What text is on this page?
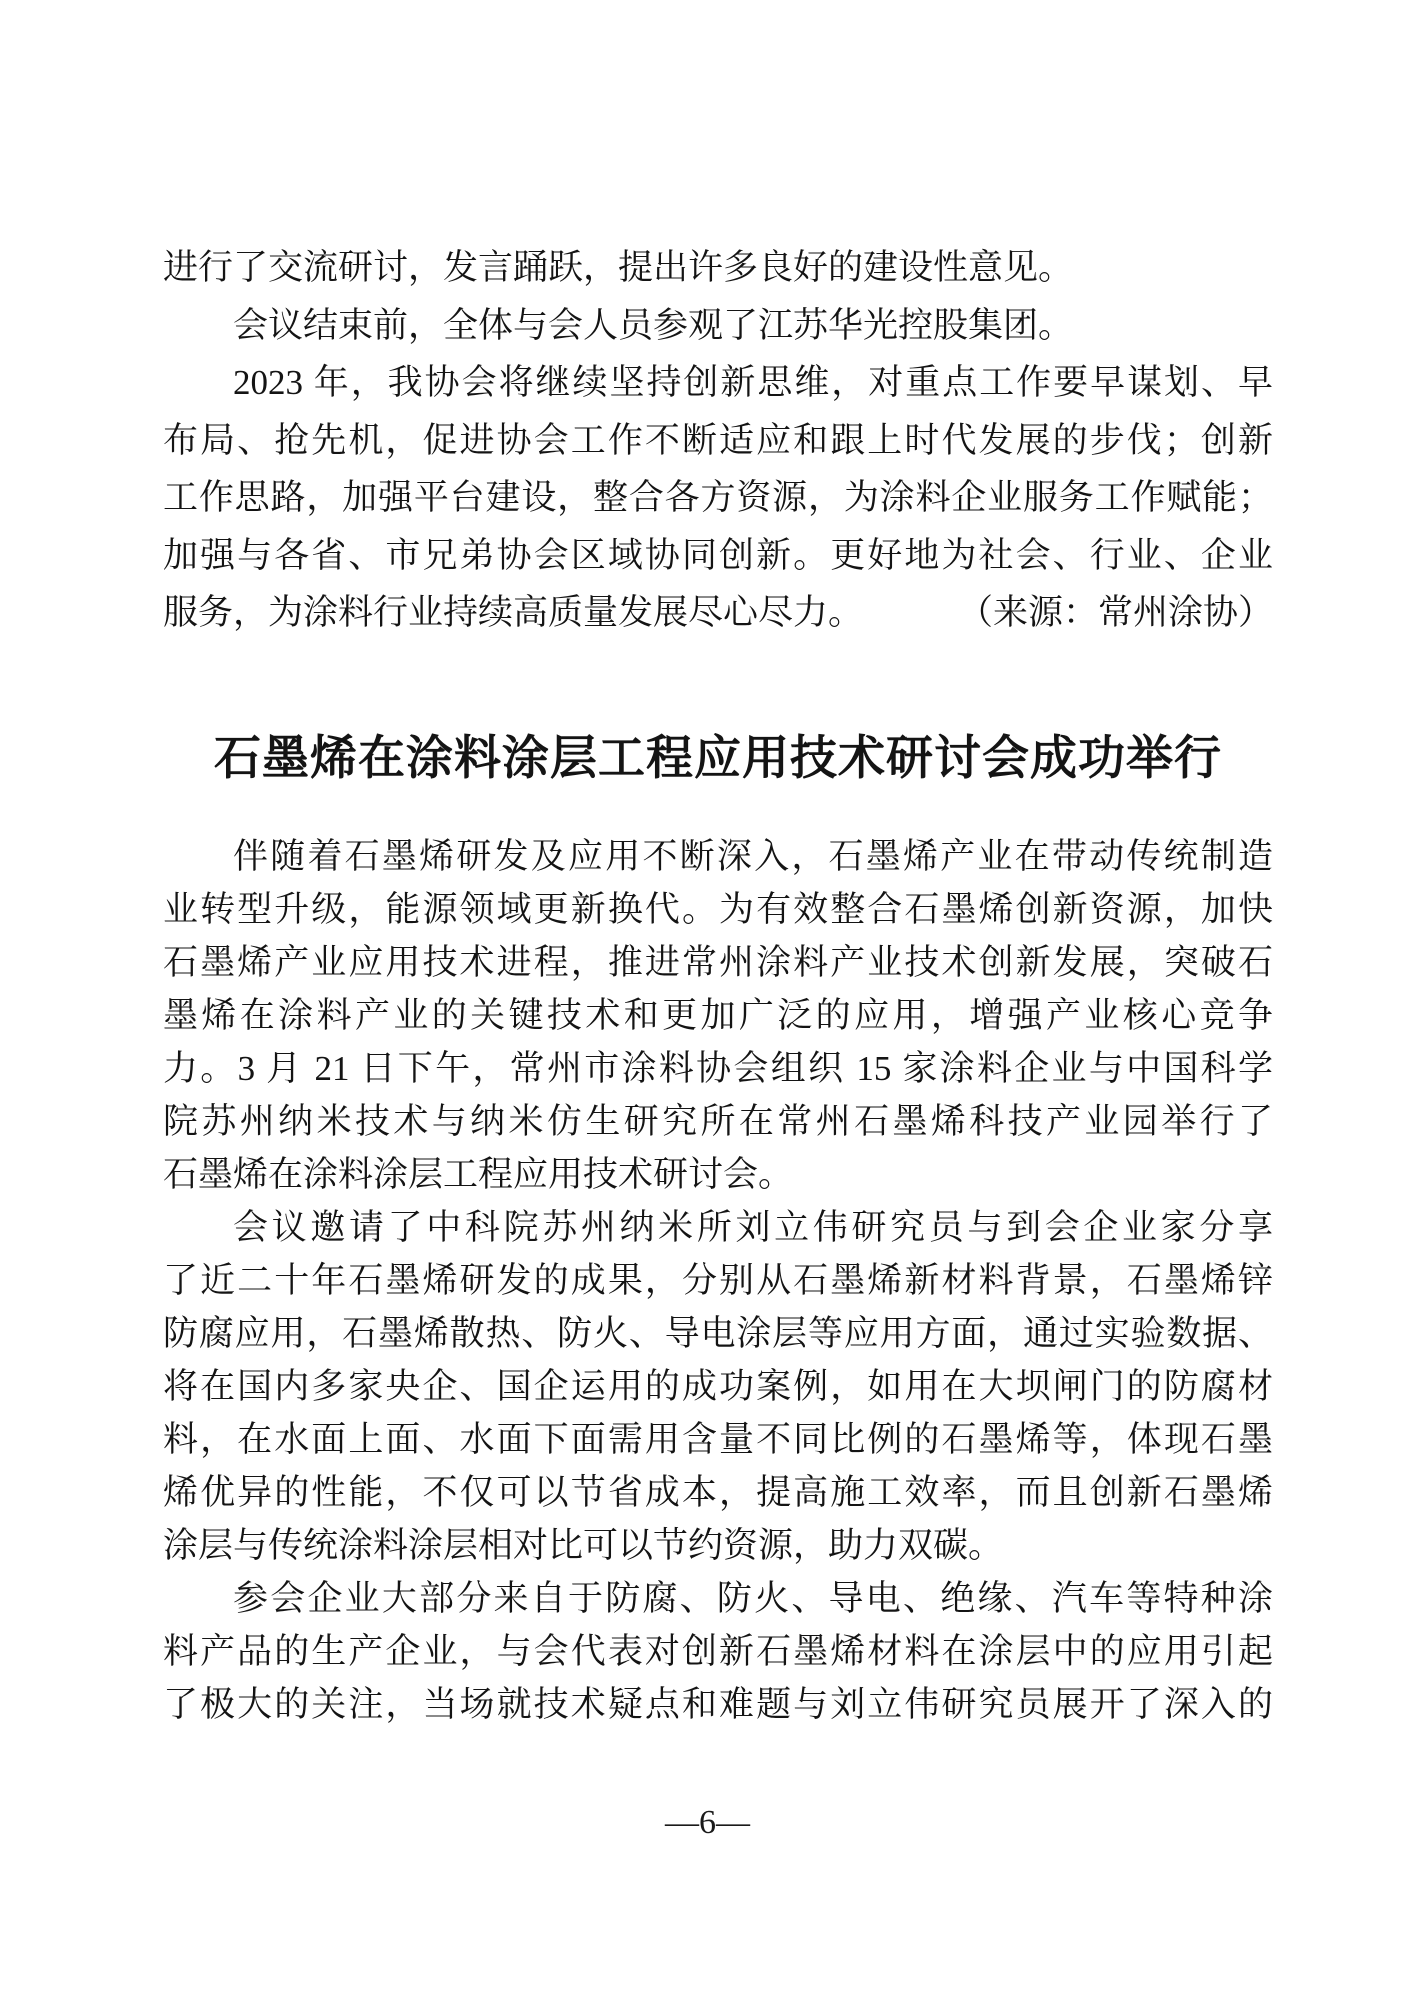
进行了交流研讨，发言踊跃，提出许多良好的建设性意见。

会议结束前，全体与会人员参观了江苏华光控股集团。

2023 年，我协会将继续坚持创新思维，对重点工作要早谋划、早

布局、抢先机，促进协会工作不断适应和跟上时代发展的步伐；创新

工作思路，加强平台建设，整合各方资源，为涂料企业服务工作赋能；

加强与各省、市兄弟协会区域协同创新。更好地为社会、行业、企业

服务，为涂料行业持续高质量发展尽心尽力。	（来源：常州涂协）

石墨烯在涂料涂层工程应用技术研讨会成功举行

伴随着石墨烯研发及应用不断深入，石墨烯产业在带动传统制造

业转型升级，能源领域更新换代。为有效整合石墨烯创新资源，加快

石墨烯产业应用技术进程，推进常州涂料产业技术创新发展，突破石

墨烯在涂料产业的关键技术和更加广泛的应用，增强产业核心竞争

力。3 月 21 日下午，常州市涂料协会组织 15 家涂料企业与中国科学

院苏州纳米技术与纳米仿生研究所在常州石墨烯科技产业园举行了

石墨烯在涂料涂层工程应用技术研讨会。

会议邀请了中科院苏州纳米所刘立伟研究员与到会企业家分享

了近二十年石墨烯研发的成果，分别从石墨烯新材料背景，石墨烯锌

防腐应用，石墨烯散热、防火、导电涂层等应用方面，通过实验数据、

将在国内多家央企、国企运用的成功案例，如用在大坝闸门的防腐材

料，在水面上面、水面下面需用含量不同比例的石墨烯等，体现石墨

烯优异的性能，不仅可以节省成本，提高施工效率，而且创新石墨烯

涂层与传统涂料涂层相对比可以节约资源，助力双碳。

参会企业大部分来自于防腐、防火、导电、绝缘、汽车等特种涂

料产品的生产企业，与会代表对创新石墨烯材料在涂层中的应用引起

了极大的关注，当场就技术疑点和难题与刘立伟研究员展开了深入的

—6—
